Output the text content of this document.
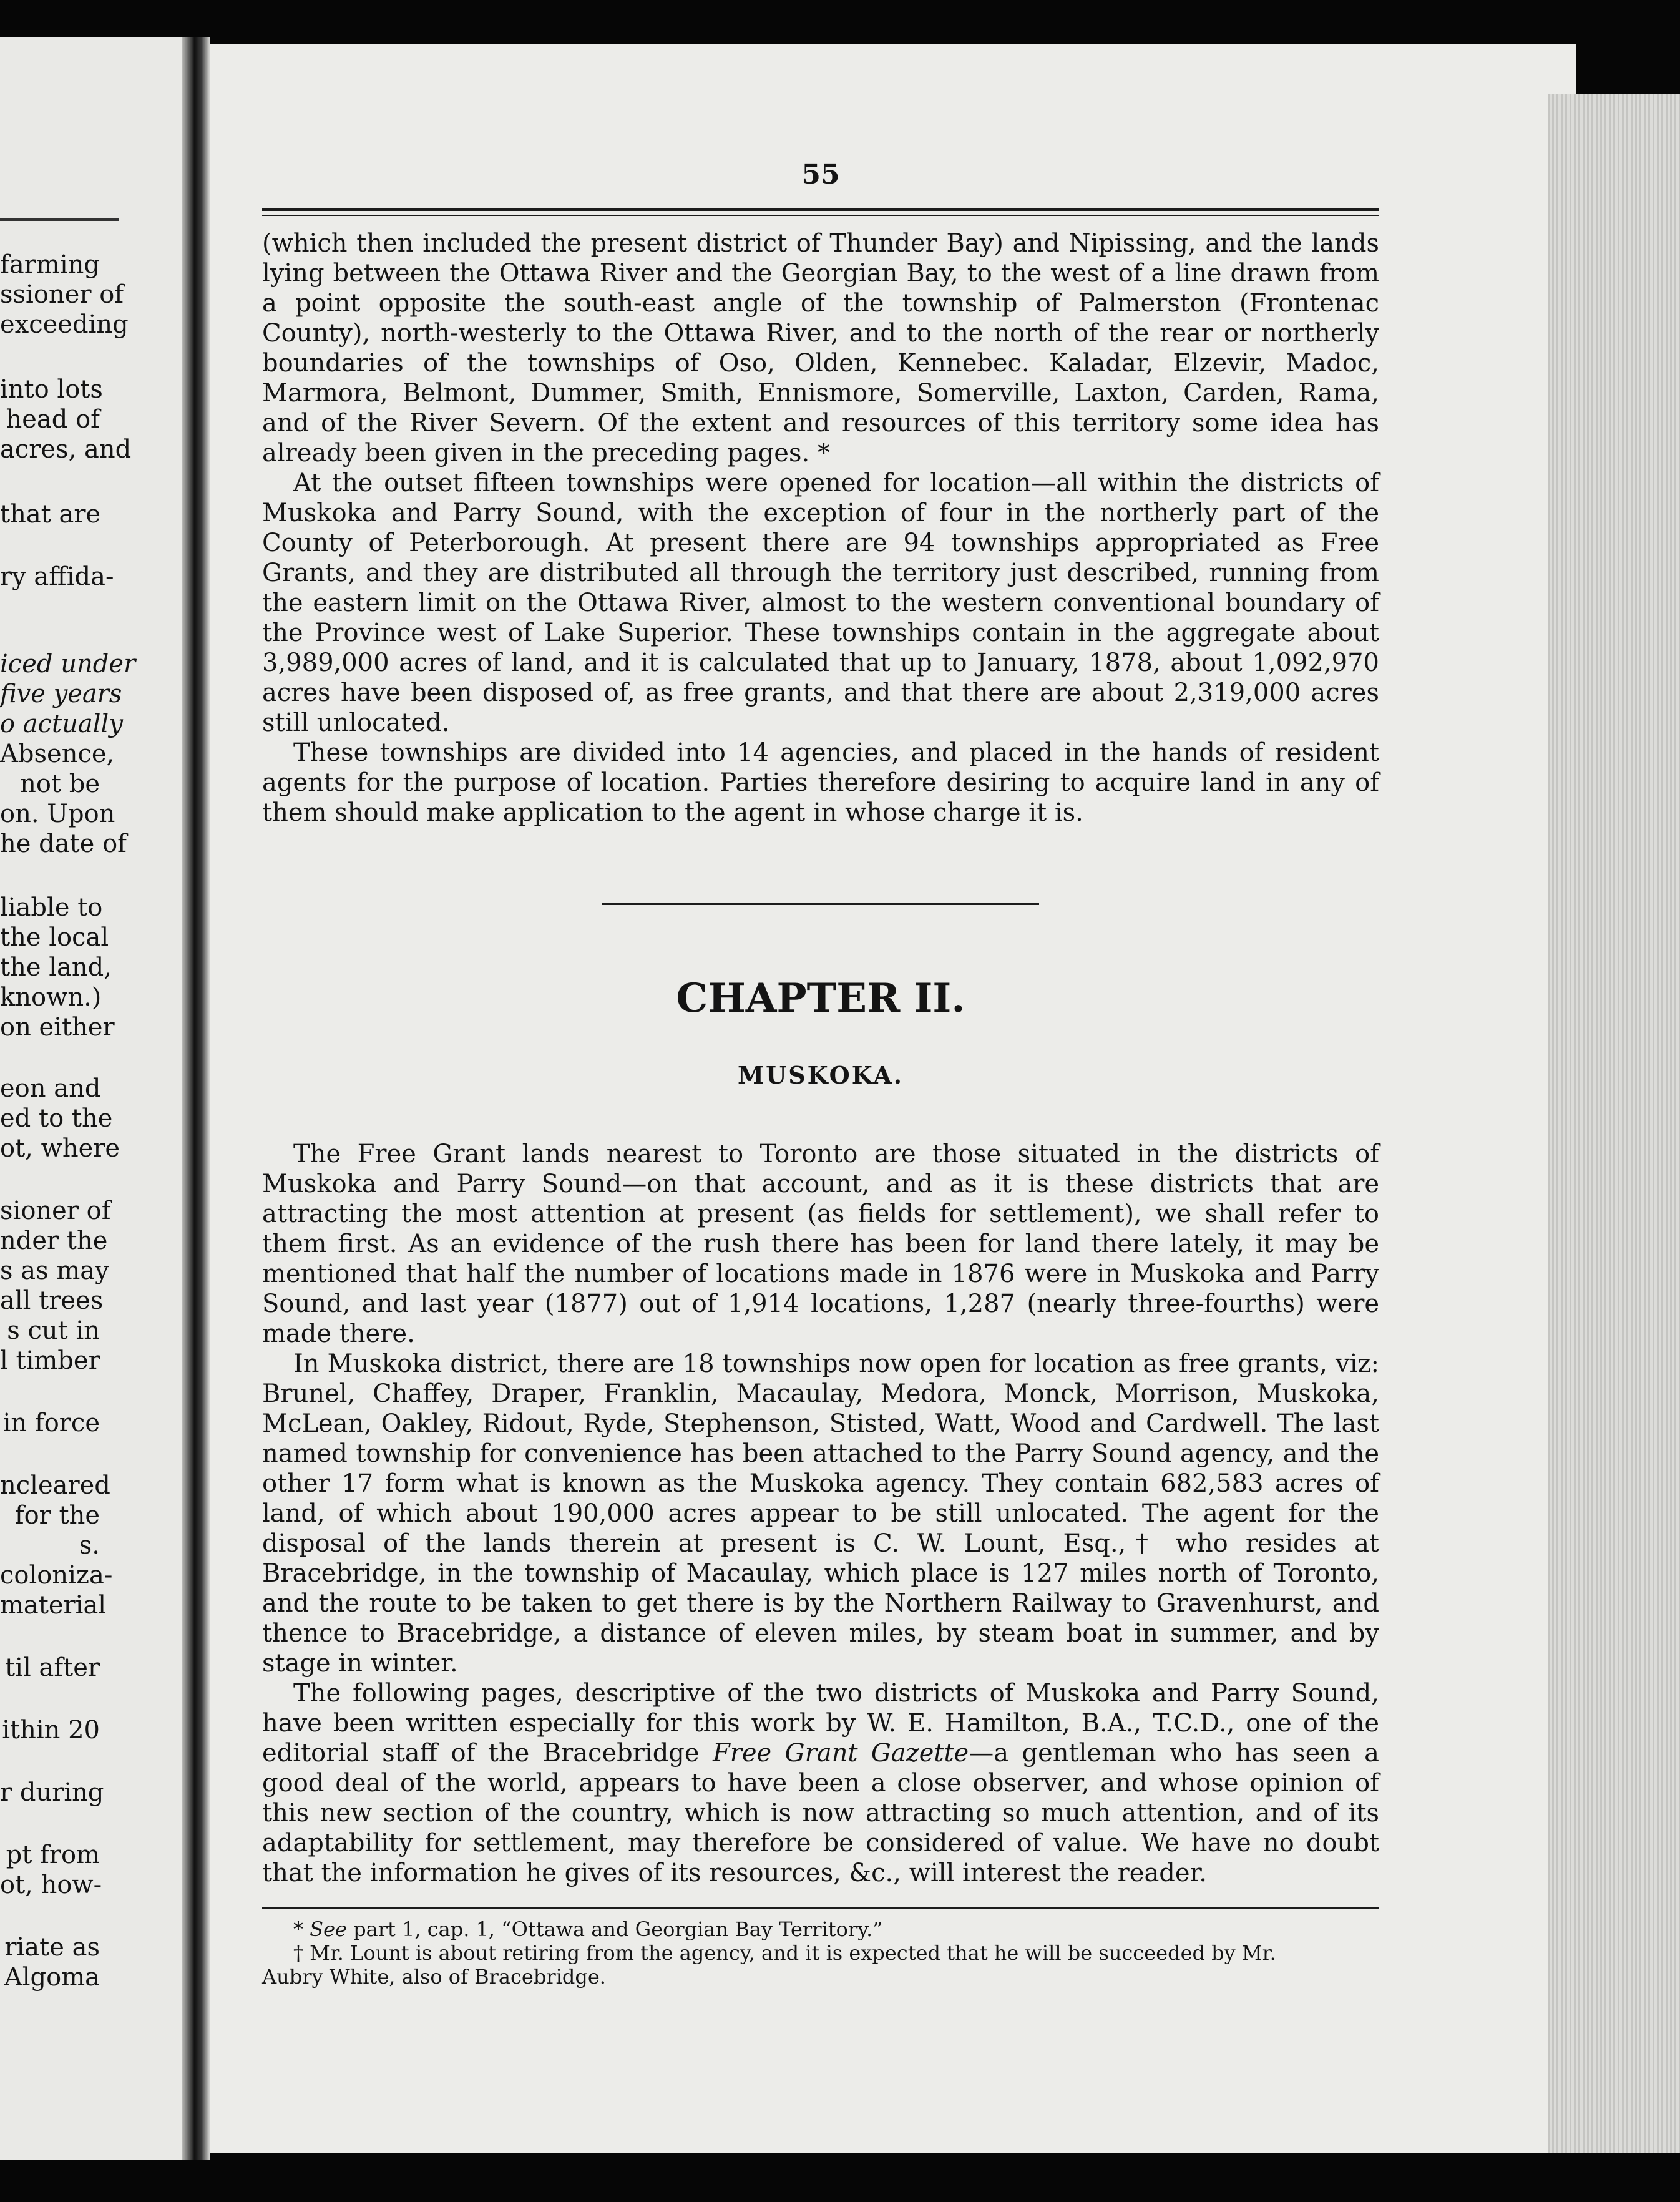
farming
ssioner of
exceeding
into lots
head of
acres, and
that are
ry affida-
iced under
five years
o actually
Absence,
not be
on. Upon
he date of
liable to
the local
the land,
known.)
on either
eon and
ed to the
ot, where
sioner of
nder the
s as may
all trees
s cut in
l timber
in force
ncleared
for the
s.
coloniza-
material
til after
ithin 20
r during
pt from
ot, how-
riate as
Algoma
55

(which then included the present district of Thunder Bay) and Nipissing, and the lands lying between the Ottawa River and the Georgian Bay, to the west of a line drawn from a point opposite the south-east angle of the township of Palmerston (Frontenac County), north-westerly to the Ottawa River, and to the north of the rear or northerly boundaries of the townships of Oso, Olden, Kennebec. Kaladar, Elzevir, Madoc, Marmora, Belmont, Dummer, Smith, Ennismore, Somerville, Laxton, Carden, Rama, and of the River Severn. Of the extent and resources of this territory some idea has already been given in the preceding pages. *

At the outset fifteen townships were opened for location—all within the districts of Muskoka and Parry Sound, with the exception of four in the northerly part of the County of Peterborough. At present there are 94 townships appropriated as Free Grants, and they are distributed all through the territory just described, running from the eastern limit on the Ottawa River, almost to the western conventional boundary of the Province west of Lake Superior. These townships contain in the aggregate about 3,989,000 acres of land, and it is calculated that up to January, 1878, about 1,092,970 acres have been disposed of, as free grants, and that there are about 2,319,000 acres still unlocated.

These townships are divided into 14 agencies, and placed in the hands of resident agents for the purpose of location. Parties therefore desiring to acquire land in any of them should make application to the agent in whose charge it is.

CHAPTER II.
MUSKOKA.

The Free Grant lands nearest to Toronto are those situated in the districts of Muskoka and Parry Sound—on that account, and as it is these districts that are attracting the most attention at present (as fields for settlement), we shall refer to them first. As an evidence of the rush there has been for land there lately, it may be mentioned that half the number of locations made in 1876 were in Muskoka and Parry Sound, and last year (1877) out of 1,914 locations, 1,287 (nearly three-fourths) were made there.

In Muskoka district, there are 18 townships now open for location as free grants, viz: Brunel, Chaffey, Draper, Franklin, Macaulay, Medora, Monck, Morrison, Muskoka, McLean, Oakley, Ridout, Ryde, Stephenson, Stisted, Watt, Wood and Cardwell. The last named township for convenience has been attached to the Parry Sound agency, and the other 17 form what is known as the Muskoka agency. They contain 682,583 acres of land, of which about 190,000 acres appear to be still unlocated. The agent for the disposal of the lands therein at present is C. W. Lount, Esq.,† who resides at Bracebridge, in the township of Macaulay, which place is 127 miles north of Toronto, and the route to be taken to get there is by the Northern Railway to Gravenhurst, and thence to Bracebridge, a distance of eleven miles, by steam boat in summer, and by stage in winter.

The following pages, descriptive of the two districts of Muskoka and Parry Sound, have been written especially for this work by W. E. Hamilton, B.A., T.C.D., one of the editorial staff of the Bracebridge Free Grant Gazette—a gentleman who has seen a good deal of the world, appears to have been a close observer, and whose opinion of this new section of the country, which is now attracting so much attention, and of its adaptability for settlement, may therefore be considered of value. We have no doubt that the information he gives of its resources, &c., will interest the reader.

* See part 1, cap. 1, “Ottawa and Georgian Bay Territory.”

† Mr. Lount is about retiring from the agency, and it is expected that he will be succeeded by Mr.

Aubry White, also of Bracebridge.
